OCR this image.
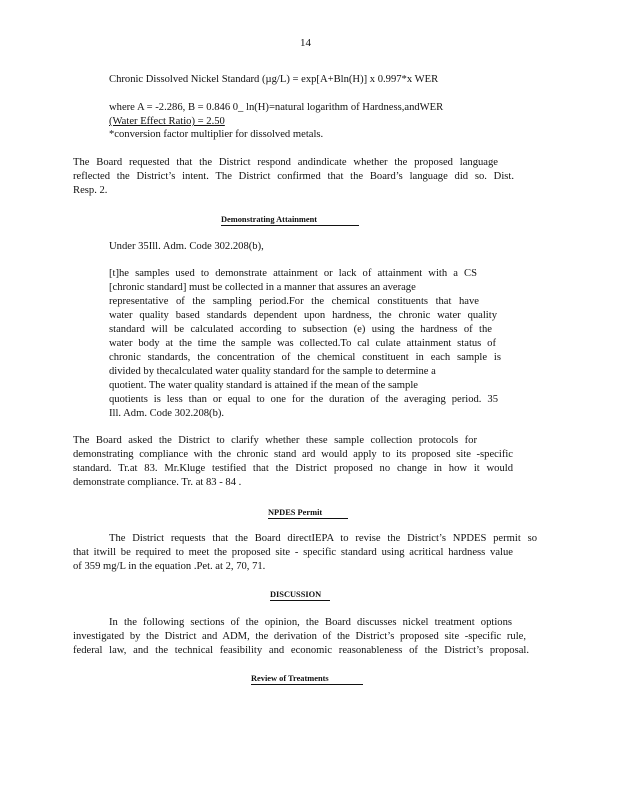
14
Chronic Dissolved Nickel Standard (µg/L) = exp[A+Bln(H)] x 0.997*x WER
where A = -2.286, B = 0.846 0_ ln(H)=natural logarithm of Hardness,andWER
(Water Effect Ratio) = 2.50
*conversion factor multiplier for dissolved metals.
The Board requested that the District respond andindicate whether the proposed language
reflected the District’s intent. The District confirmed that the Board’s language did so. Dist.
Resp. 2.
Demonstrating Attainment
Under 35Ill. Adm. Code 302.208(b),
[t]he samples used to demonstrate attainment or lack of attainment with a CS
[chronic standard] must be collected in a manner that assures an average
representative of the sampling period.For the chemical constituents that have
water quality based standards dependent upon hardness, the chronic water quality
standard will be calculated according to subsection (e) using the hardness of the
water body at the time the sample was collected.To cal culate attainment status of
chronic standards, the concentration of the chemical constituent in each sample is
divided by thecalculated water quality standard for the sample to determine a
quotient. The water quality standard is attained if the mean of the sample
quotients is less than or equal to one for the duration of the averaging period. 35
Ill. Adm. Code 302.208(b).
The Board asked the District to clarify whether these sample collection protocols for
demonstrating compliance with the chronic stand ard would apply to its proposed site -specific
standard. Tr.at 83. Mr.Kluge testified that the District proposed no change in how it would
demonstrate compliance. Tr. at 83 - 84 .
NPDES Permit
The District requests that the Board directIEPA to revise the District’s NPDES permit so
that itwill be required to meet the proposed site - specific standard using acritical hardness value
of 359 mg/L in the equation .Pet. at 2, 70, 71.
DISCUSSION
In the following sections of the opinion, the Board discusses nickel treatment options
investigated by the District and ADM, the derivation of the District’s proposed site -specific rule,
federal law, and the technical feasibility and economic reasonableness of the District’s proposal.
Review of Treatments
